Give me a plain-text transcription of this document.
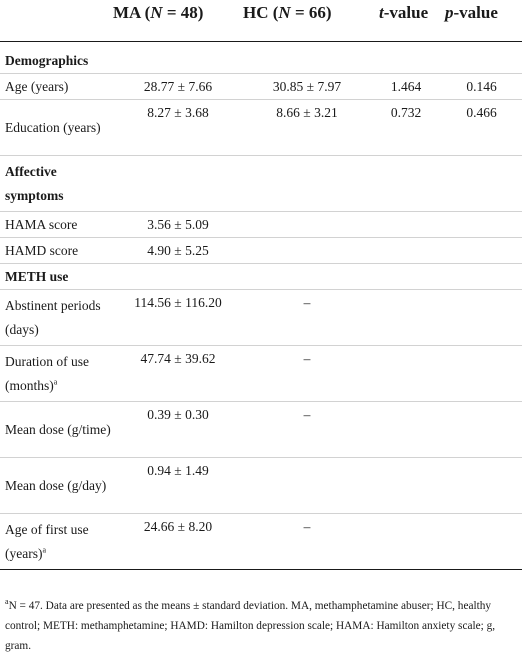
	MA (N = 48)	HC (N = 66)	t-value	p-value
Demographics				
Age (years)	28.77 ± 7.66	30.85 ± 7.97	1.464	0.146
Education (years)	8.27 ± 3.68	8.66 ± 3.21	0.732	0.466
Affective symptoms				
HAMA score	3.56 ± 5.09			
HAMD score	4.90 ± 5.25			
METH use				
Abstinent periods (days)	114.56 ± 116.20	–		
Duration of use (months)$^a$	47.74 ± 39.62	–		
Mean dose (g/time)	0.39 ± 0.30	–		
Mean dose (g/day)	0.94 ± 1.49			
Age of first use (years)$^a$	24.66 ± 8.20	–		
$^a$N = 47. Data are presented as the means ± standard deviation. MA, methamphetamine abuser; HC, healthy control; METH: methamphetamine; HAMD: Hamilton depression scale; HAMA: Hamilton anxiety scale; g, gram.
